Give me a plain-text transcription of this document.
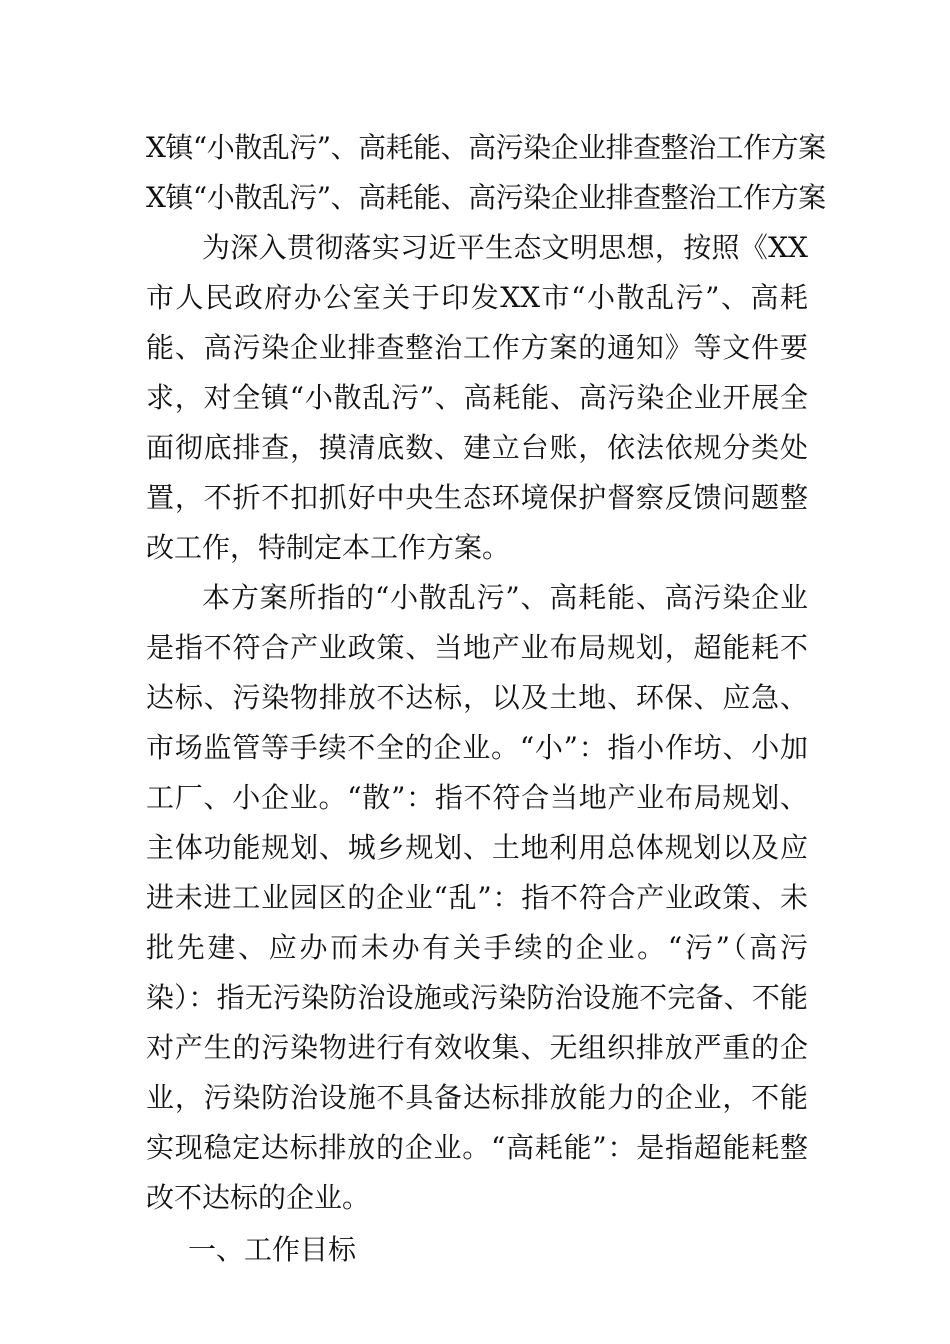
X镇“小散乱污”、高耗能、高污染企业排查整治工作方案

X镇“小散乱污”、高耗能、高污染企业排查整治工作方案

为深入贯彻落实习近平生态文明思想，按照《XX市人民政府办公室关于印发XX市“小散乱污”、高耗能、高污染企业排查整治工作方案的通知》等文件要求，对全镇“小散乱污”、高耗能、高污染企业开展全面彻底排查，摸清底数、建立台账，依法依规分类处置，不折不扣抓好中央生态环境保护督察反馈问题整改工作，特制定本工作方案。

本方案所指的“小散乱污”、高耗能、高污染企业是指不符合产业政策、当地产业布局规划，超能耗不达标、污染物排放不达标，以及土地、环保、应急、市场监管等手续不全的企业。“小”：指小作坊、小加工厂、小企业。“散”：指不符合当地产业布局规划、主体功能规划、城乡规划、土地利用总体规划以及应进未进工业园区的企业“乱”：指不符合产业政策、未批先建、应办而未办有关手续的企业。“污”（高污染）：指无污染防治设施或污染防治设施不完备、不能对产生的污染物进行有效收集、无组织排放严重的企业，污染防治设施不具备达标排放能力的企业，不能实现稳定达标排放的企业。“高耗能”：是指超能耗整改不达标的企业。

一、工作目标
